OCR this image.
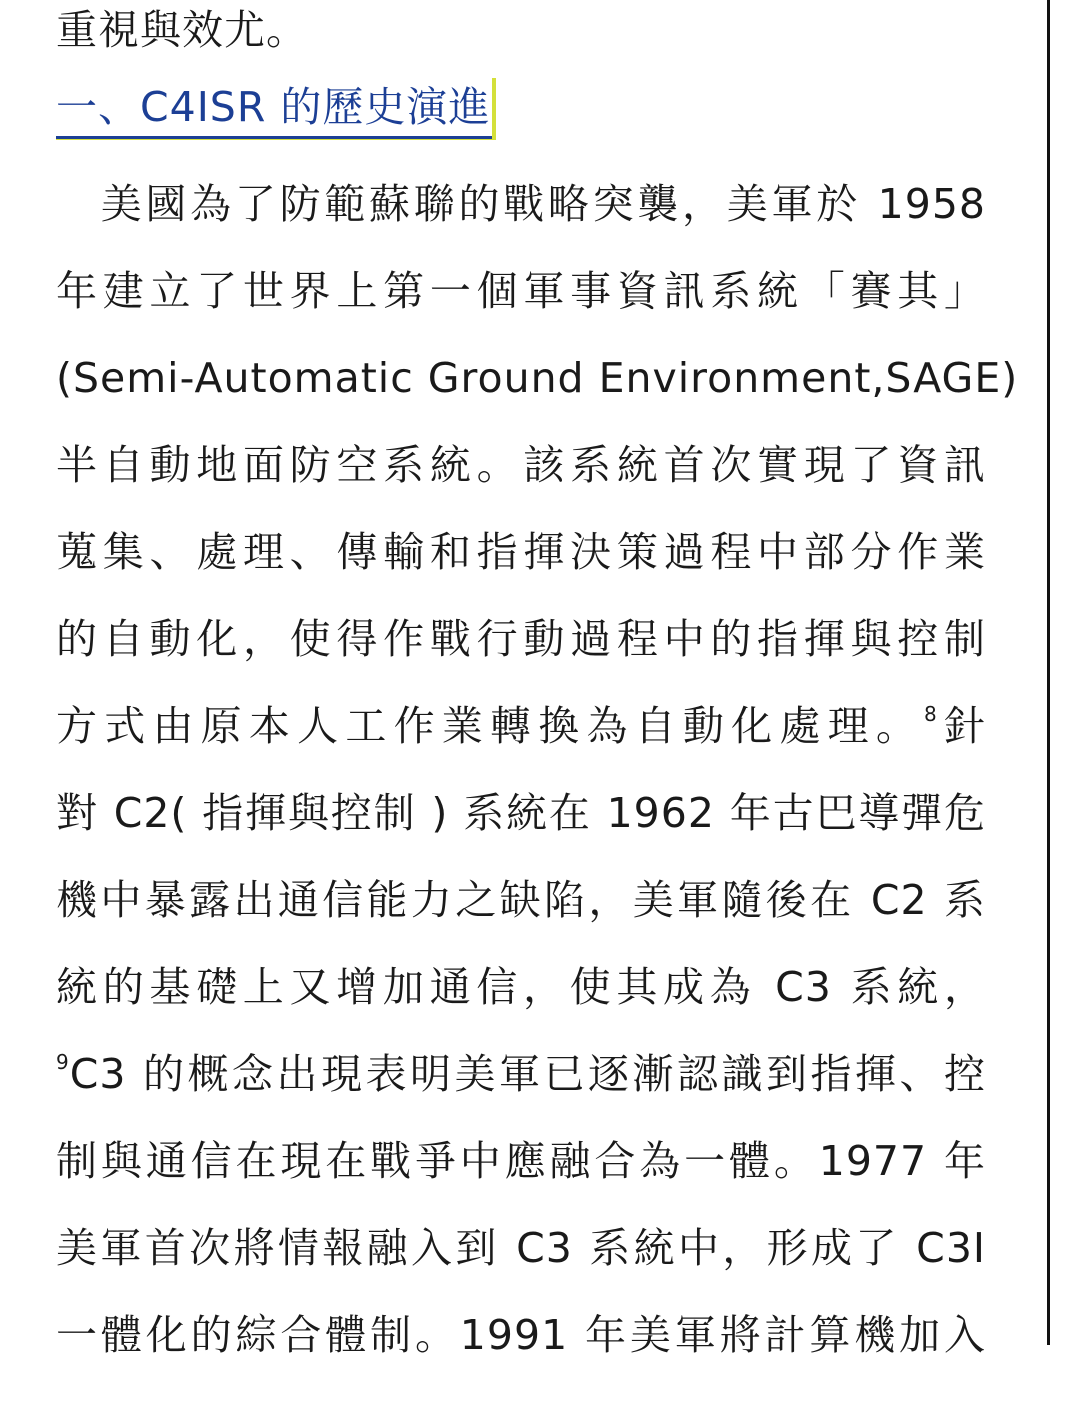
重視與效尤。
一、C4ISR 的歷史演進
　美國為了防範蘇聯的戰略突襲，美軍於 1958
年建立了世界上第一個軍事資訊系統「賽其」
(Semi-Automatic Ground Environment,SAGE)
半自動地面防空系統。該系統首次實現了資訊
蒐集、處理、傳輸和指揮決策過程中部分作業
的自動化，使得作戰行動過程中的指揮與控制
方式由原本人工作業轉換為自動化處理。$^8$針
對 C2( 指揮與控制 ) 系統在 1962 年古巴導彈危
機中暴露出通信能力之缺陷，美軍隨後在 C2 系
統的基礎上又增加通信，使其成為 C3 系統，
$^9$C3 的概念出現表明美軍已逐漸認識到指揮、控
制與通信在現在戰爭中應融合為一體。1977 年
美軍首次將情報融入到 C3 系統中，形成了 C3I
一體化的綜合體制。1991 年美軍將計算機加入
